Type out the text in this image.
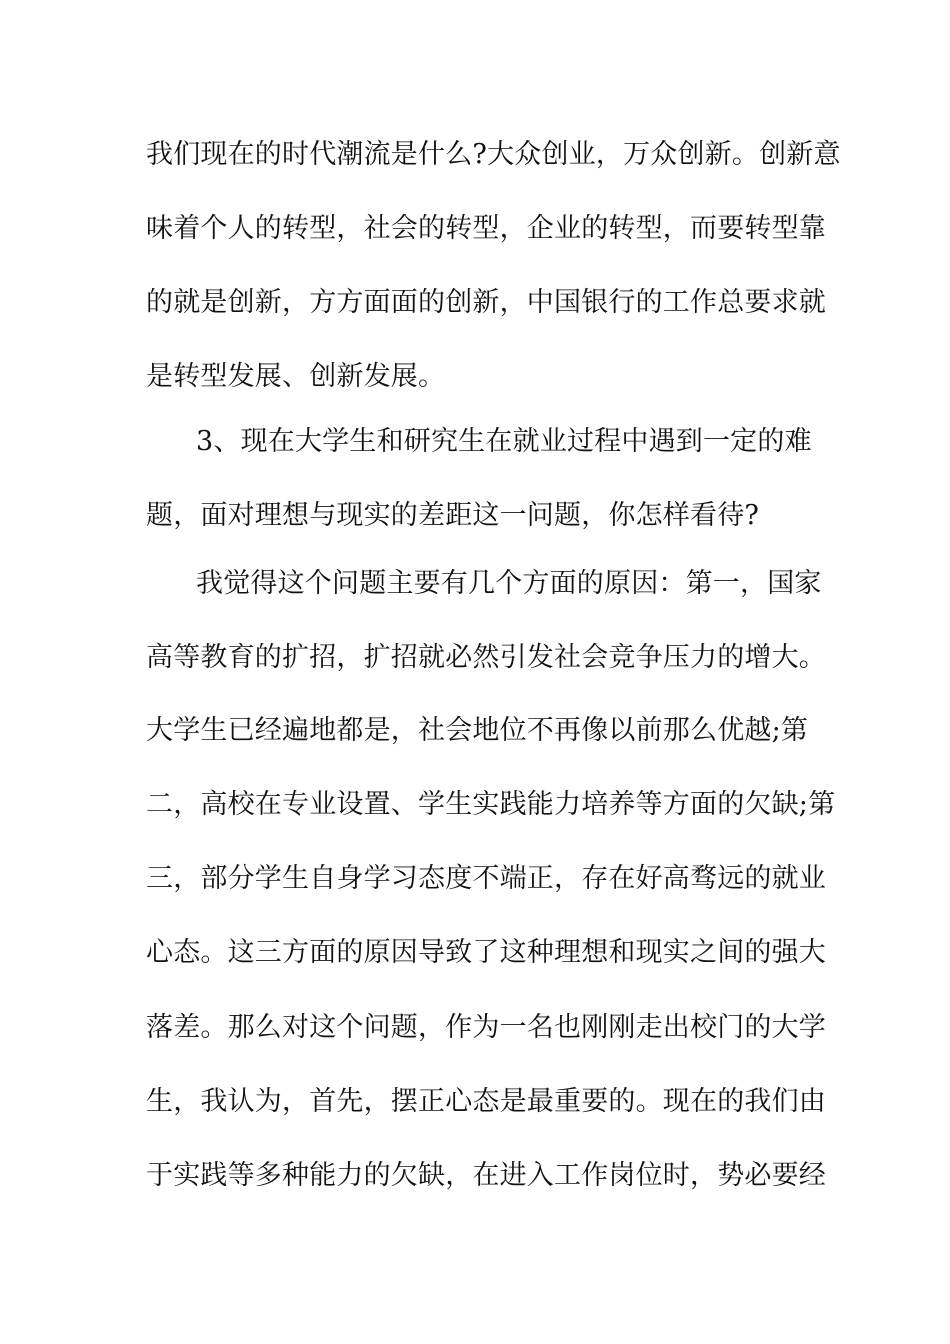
我们现在的时代潮流是什么?大众创业，万众创新。创新意
味着个人的转型，社会的转型，企业的转型，而要转型靠
的就是创新，方方面面的创新，中国银行的工作总要求就
是转型发展、创新发展。
3、现在大学生和研究生在就业过程中遇到一定的难
题，面对理想与现实的差距这一问题，你怎样看待?
我觉得这个问题主要有几个方面的原因：第一，国家
高等教育的扩招，扩招就必然引发社会竞争压力的增大。
大学生已经遍地都是，社会地位不再像以前那么优越;第
二，高校在专业设置、学生实践能力培养等方面的欠缺;第
三，部分学生自身学习态度不端正，存在好高骛远的就业
心态。这三方面的原因导致了这种理想和现实之间的强大
落差。那么对这个问题，作为一名也刚刚走出校门的大学
生，我认为，首先，摆正心态是最重要的。现在的我们由
于实践等多种能力的欠缺，在进入工作岗位时，势必要经
